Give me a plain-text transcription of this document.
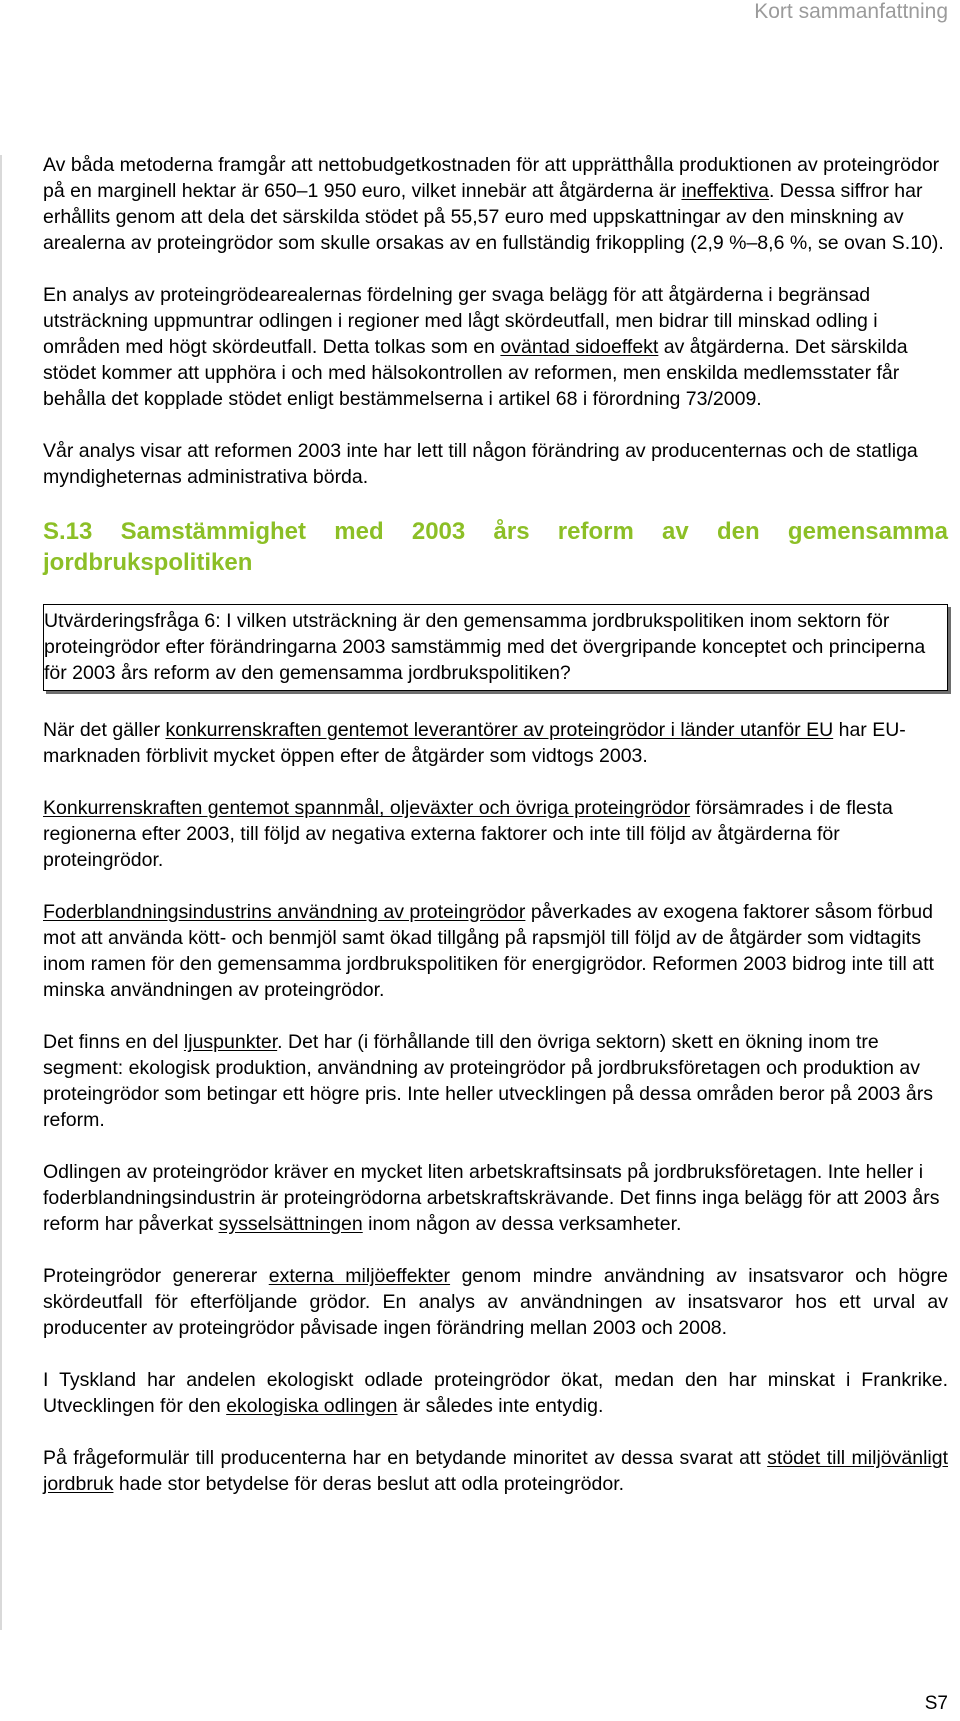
Kort sammanfattning

Av båda metoderna framgår att nettobudgetkostnaden för att upprätthålla produktionen av proteingrödor på en marginell hektar är 650–1 950 euro, vilket innebär att åtgärderna är ineffektiva. Dessa siffror har erhållits genom att dela det särskilda stödet på 55,57 euro med uppskattningar av den minskning av arealerna av proteingrödor som skulle orsakas av en fullständig frikoppling (2,9 %–8,6 %, se ovan S.10).

En analys av proteingrödearealernas fördelning ger svaga belägg för att åtgärderna i begränsad utsträckning uppmuntrar odlingen i regioner med lågt skördeutfall, men bidrar till minskad odling i områden med högt skördeutfall. Detta tolkas som en oväntad sidoeffekt av åtgärderna. Det särskilda stödet kommer att upphöra i och med hälsokontrollen av reformen, men enskilda medlemsstater får behålla det kopplade stödet enligt bestämmelserna i artikel 68 i förordning 73/2009.

Vår analys visar att reformen 2003 inte har lett till någon förändring av producenternas och de statliga myndigheternas administrativa börda.

S.13 Samstämmighet med 2003 års reform av den gemensamma jordbrukspolitiken
Utvärderingsfråga 6: I vilken utsträckning är den gemensamma jordbrukspolitiken inom sektorn för proteingrödor efter förändringarna 2003 samstämmig med det övergripande konceptet och principerna för 2003 års reform av den gemensamma jordbrukspolitiken?

När det gäller konkurrenskraften gentemot leverantörer av proteingrödor i länder utanför EU har EU-marknaden förblivit mycket öppen efter de åtgärder som vidtogs 2003.

Konkurrenskraften gentemot spannmål, oljeväxter och övriga proteingrödor försämrades i de flesta regionerna efter 2003, till följd av negativa externa faktorer och inte till följd av åtgärderna för proteingrödor.

Foderblandningsindustrins användning av proteingrödor påverkades av exogena faktorer såsom förbud mot att använda kött- och benmjöl samt ökad tillgång på rapsmjöl till följd av de åtgärder som vidtagits inom ramen för den gemensamma jordbrukspolitiken för energigrödor. Reformen 2003 bidrog inte till att minska användningen av proteingrödor.

Det finns en del ljuspunkter. Det har (i förhållande till den övriga sektorn) skett en ökning inom tre segment: ekologisk produktion, användning av proteingrödor på jordbruksföretagen och produktion av proteingrödor som betingar ett högre pris. Inte heller utvecklingen på dessa områden beror på 2003 års reform.

Odlingen av proteingrödor kräver en mycket liten arbetskraftsinsats på jordbruksföretagen. Inte heller i foderblandningsindustrin är proteingrödorna arbetskraftskrävande. Det finns inga belägg för att 2003 års reform har påverkat sysselsättningen inom någon av dessa verksamheter.

Proteingrödor genererar externa miljöeffekter genom mindre användning av insatsvaror och högre skördeutfall för efterföljande grödor. En analys av användningen av insatsvaror hos ett urval av producenter av proteingrödor påvisade ingen förändring mellan 2003 och 2008.

I Tyskland har andelen ekologiskt odlade proteingrödor ökat, medan den har minskat i Frankrike. Utvecklingen för den ekologiska odlingen är således inte entydig.

På frågeformulär till producenterna har en betydande minoritet av dessa svarat att stödet till miljövänligt jordbruk hade stor betydelse för deras beslut att odla proteingrödor.

S7
